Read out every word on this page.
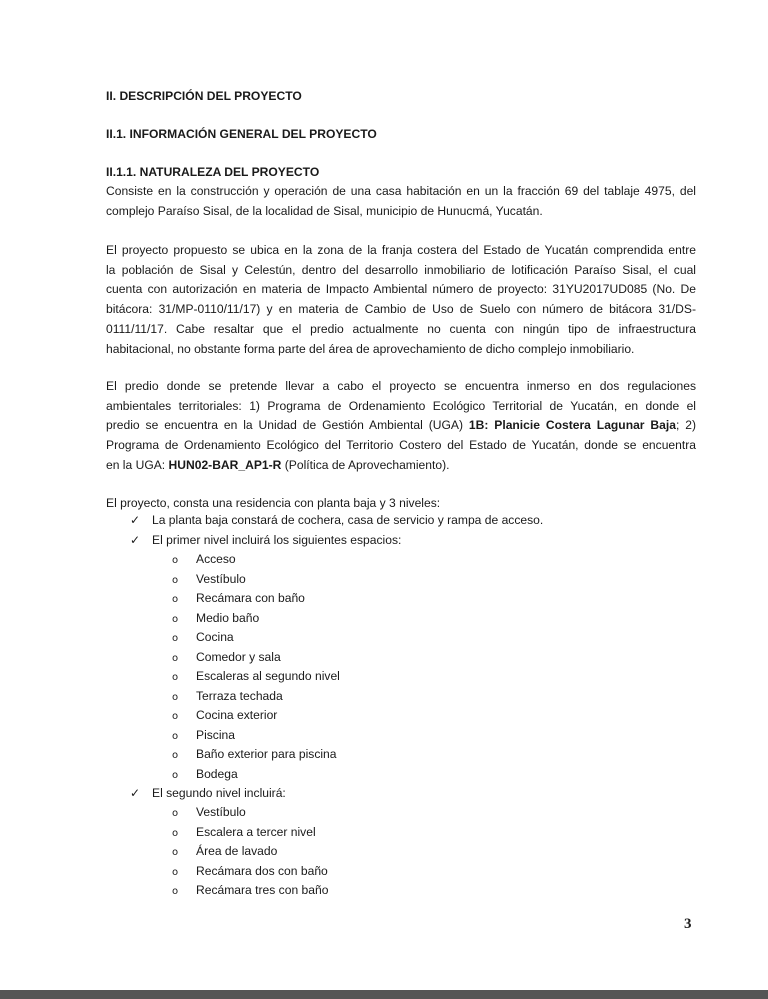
II. DESCRIPCIÓN DEL PROYECTO
II.1. INFORMACIÓN GENERAL DEL PROYECTO
II.1.1. NATURALEZA DEL PROYECTO
Consiste en la construcción y operación de una casa habitación en un la fracción 69 del tablaje 4975, del
complejo Paraíso Sisal, de la localidad de Sisal, municipio de Hunucmá, Yucatán.
El proyecto propuesto se ubica en la zona de la franja costera del Estado de Yucatán comprendida entre
la población de Sisal y Celestún, dentro del desarrollo inmobiliario de lotificación Paraíso Sisal, el cual
cuenta con autorización en materia de Impacto Ambiental número de proyecto: 31YU2017UD085 (No. De
bitácora: 31/MP-0110/11/17) y en materia de Cambio de Uso de Suelo con número de bitácora 31/DS-
0111/11/17. Cabe resaltar que el predio actualmente no cuenta con ningún tipo de infraestructura
habitacional, no obstante forma parte del área de aprovechamiento de dicho complejo inmobiliario.
El predio donde se pretende llevar a cabo el proyecto se encuentra inmerso en dos regulaciones
ambientales territoriales: 1) Programa de Ordenamiento Ecológico Territorial de Yucatán, en donde el
predio se encuentra en la Unidad de Gestión Ambiental (UGA) 1B: Planicie Costera Lagunar Baja; 2)
Programa de Ordenamiento Ecológico del Territorio Costero del Estado de Yucatán, donde se encuentra
en la UGA: HUN02-BAR_AP1-R (Política de Aprovechamiento).
El proyecto, consta una residencia con planta baja y 3 niveles:
✓ La planta baja constará de cochera, casa de servicio y rampa de acceso.
✓ El primer nivel incluirá los siguientes espacios:
o Acceso
o Vestíbulo
o Recámara con baño
o Medio baño
o Cocina
o Comedor y sala
o Escaleras al segundo nivel
o Terraza techada
o Cocina exterior
o Piscina
o Baño exterior para piscina
o Bodega
✓ El segundo nivel incluirá:
o Vestíbulo
o Escalera a tercer nivel
o Área de lavado
o Recámara dos con baño
o Recámara tres con baño
3
